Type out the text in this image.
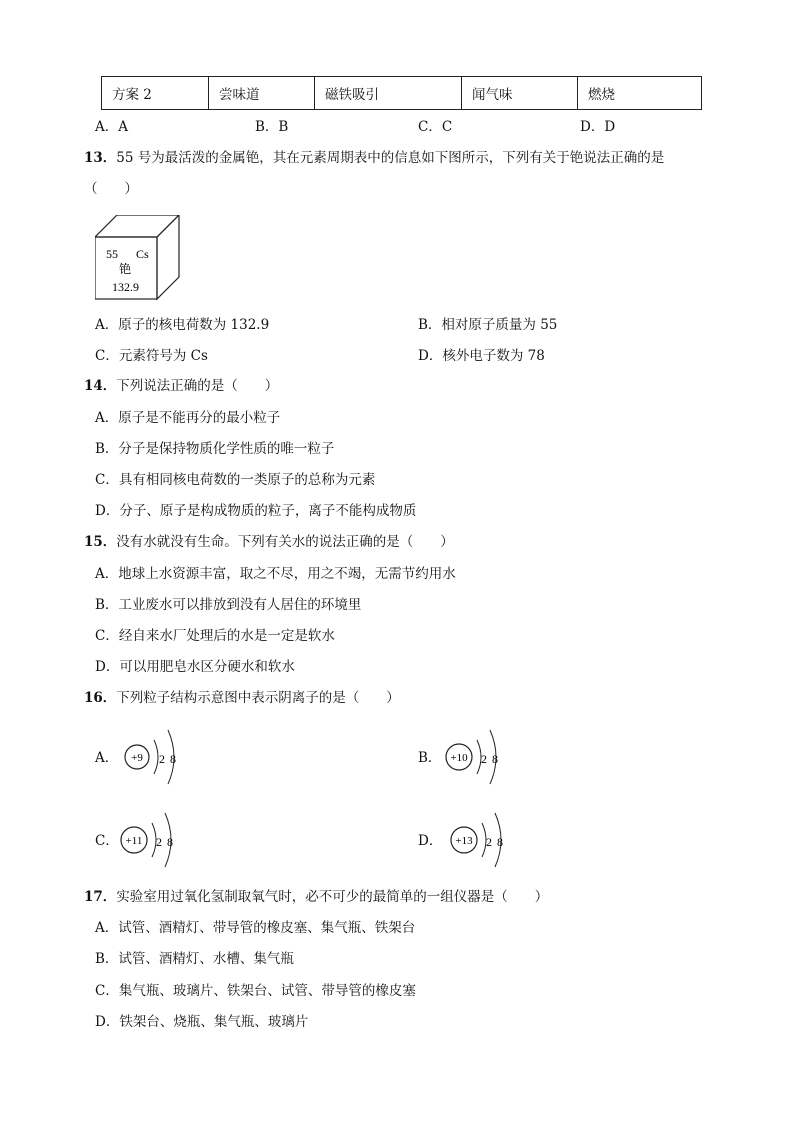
方案 2	尝味道	磁铁吸引	闻气味	燃烧
A．A	B．B	C．C	D．D
13．55 号为最活泼的金属铯，其在元素周期表中的信息如下图所示，下列有关于铯说法正确的是
（　　）
55 Cs
铯
132.9
A．原子的核电荷数为 132.9	B．相对原子质量为 55
C．元素符号为 Cs	D．核外电子数为 78
14．下列说法正确的是（　　）
A．原子是不能再分的最小粒子
B．分子是保持物质化学性质的唯一粒子
C．具有相同核电荷数的一类原子的总称为元素
D．分子、原子是构成物质的粒子，离子不能构成物质
15．没有水就没有生命。下列有关水的说法正确的是（　　）
A．地球上水资源丰富，取之不尽，用之不竭，无需节约用水
B．工业废水可以排放到没有人居住的环境里
C．经自来水厂处理后的水是一定是软水
D．可以用肥皂水区分硬水和软水
16．下列粒子结构示意图中表示阴离子的是（　　）
A． +9 2 8	B． +10 2 8
C． +11 2 8	D． +13 2 8
17．实验室用过氧化氢制取氧气时，必不可少的最简单的一组仪器是（　　）
A．试管、酒精灯、带导管的橡皮塞、集气瓶、铁架台
B．试管、酒精灯、水槽、集气瓶
C．集气瓶、玻璃片、铁架台、试管、带导管的橡皮塞
D．铁架台、烧瓶、集气瓶、玻璃片
